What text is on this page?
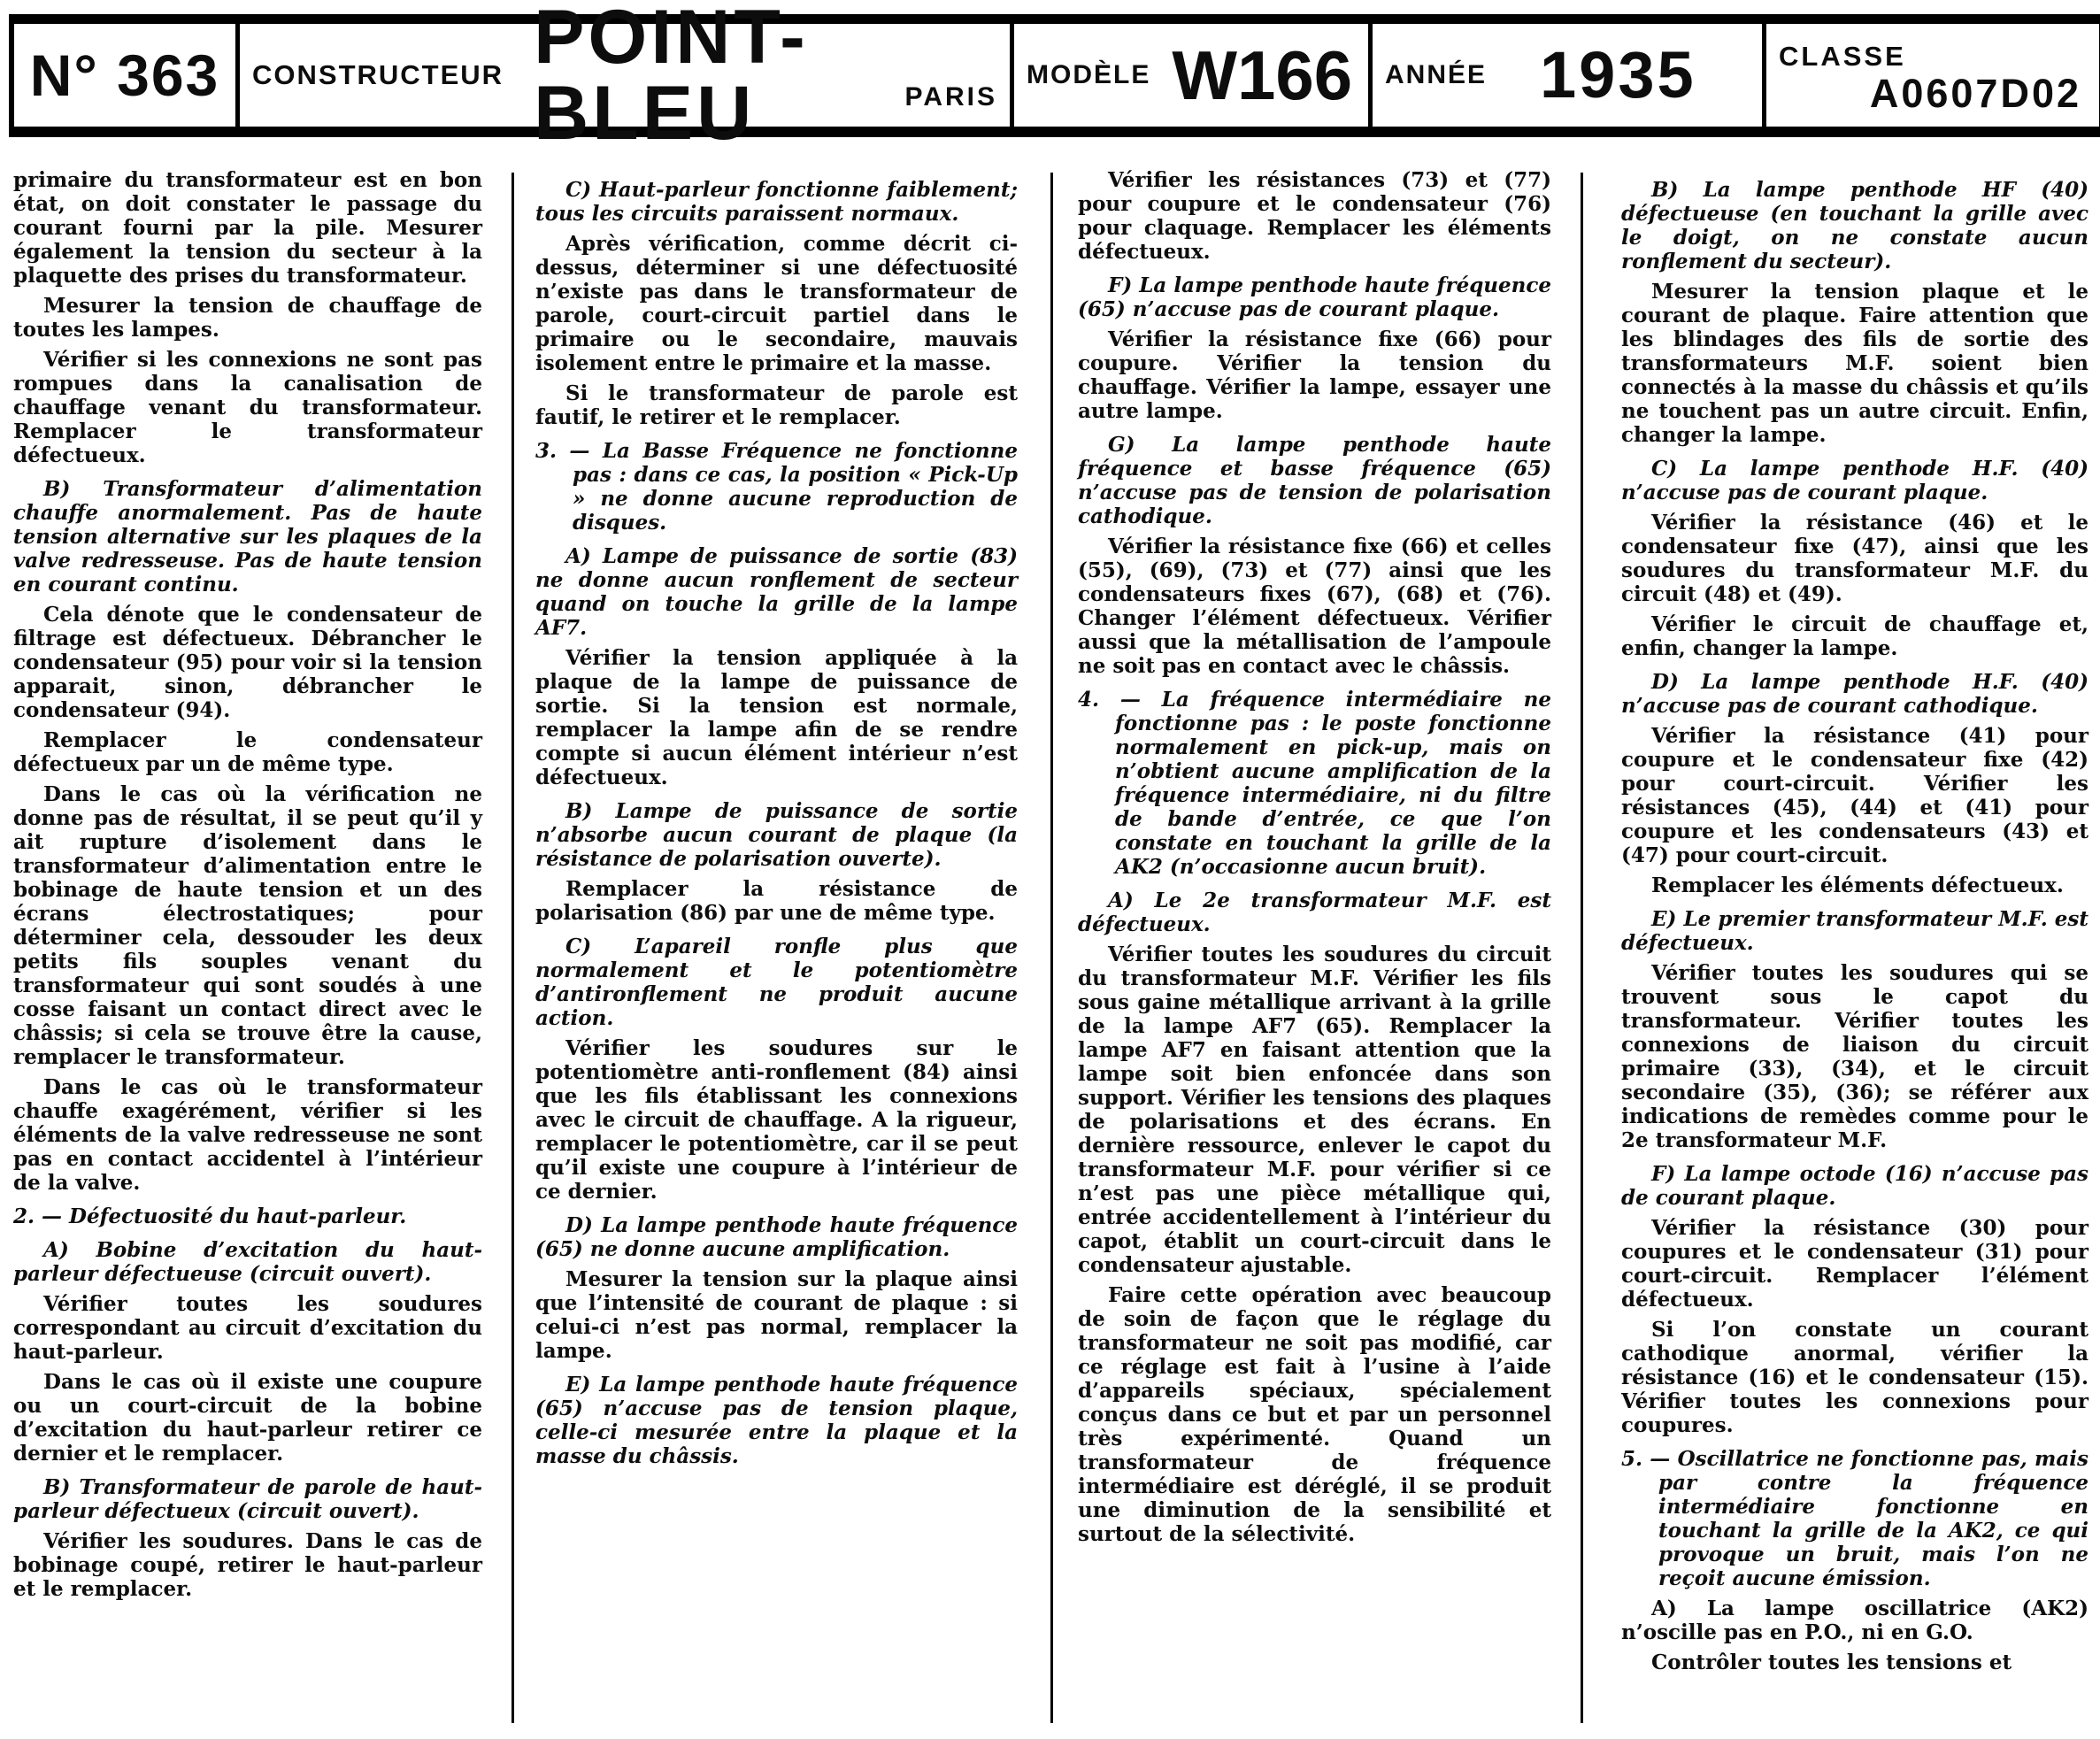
N° 363 CONSTRUCTEUR POINT-BLEU	PARIS
MODÈLE W166 ANNÉE 1935	CLASSE
A0607D02

primaire du transformateur est en bon état, on doit constater le passage du courant fourni par la pile. Mesurer également la tension du secteur à la plaquette des prises du transformateur.

Mesurer la tension de chauffage de toutes les lampes.

Vérifier si les connexions ne sont pas rompues dans la canalisation de chauffage venant du transformateur. Remplacer le transformateur défectueux.

B) Transformateur d’alimentation chauffe anormalement. Pas de haute tension alternative sur les plaques de la valve redresseuse. Pas de haute tension en courant continu.

Cela dénote que le condensateur de filtrage est défectueux. Débrancher le condensateur (95) pour voir si la tension apparait, sinon, débrancher le condensateur (94).

Remplacer le condensateur défectueux par un de même type.

Dans le cas où la vérification ne donne pas de résultat, il se peut qu’il y ait rupture d’isolement dans le transformateur d’alimentation entre le bobinage de haute tension et un des écrans électrostatiques; pour déterminer cela, dessouder les deux petits fils souples venant du transformateur qui sont soudés à une cosse faisant un contact direct avec le châssis; si cela se trouve être la cause, remplacer le transformateur.

Dans le cas où le transformateur chauffe exagérément, vérifier si les éléments de la valve redresseuse ne sont pas en contact accidentel à l’intérieur de la valve.

2. — Défectuosité du haut-parleur.

A) Bobine d’excitation du haut-parleur défectueuse (circuit ouvert).

Vérifier toutes les soudures correspondant au circuit d’excitation du haut-parleur.

Dans le cas où il existe une coupure ou un court-circuit de la bobine d’excitation du haut-parleur retirer ce dernier et le remplacer.

B) Transformateur de parole de haut-parleur défectueux (circuit ouvert).

Vérifier les soudures. Dans le cas de bobinage coupé, retirer le haut-parleur et le remplacer.

C) Haut-parleur fonctionne faiblement; tous les circuits paraissent normaux.

Après vérification, comme décrit ci-dessus, déterminer si une défectuosité n’existe pas dans le transformateur de parole, court-circuit partiel dans le primaire ou le secondaire, mauvais isolement entre le primaire et la masse.

Si le transformateur de parole est fautif, le retirer et le remplacer.

3. — La Basse Fréquence ne fonctionne pas : dans ce cas, la position « Pick-Up » ne donne aucune reproduction de disques.

A) Lampe de puissance de sortie (83) ne donne aucun ronflement de secteur quand on touche la grille de la lampe AF7.

Vérifier la tension appliquée à la plaque de la lampe de puissance de sortie. Si la tension est normale, remplacer la lampe afin de se rendre compte si aucun élément intérieur n’est défectueux.

B) Lampe de puissance de sortie n’absorbe aucun courant de plaque (la résistance de polarisation ouverte).

Remplacer la résistance de polarisation (86) par une de même type.

C) L’apareil ronfle plus que normalement et le potentiomètre d’antironflement ne produit aucune action.

Vérifier les soudures sur le potentiomètre anti-ronflement (84) ainsi que les fils établissant les connexions avec le circuit de chauffage. A la rigueur, remplacer le potentiomètre, car il se peut qu’il existe une coupure à l’intérieur de ce dernier.

D) La lampe penthode haute fréquence (65) ne donne aucune amplification.

Mesurer la tension sur la plaque ainsi que l’intensité de courant de plaque : si celui-ci n’est pas normal, remplacer la lampe.

E) La lampe penthode haute fréquence (65) n’accuse pas de tension plaque, celle-ci mesurée entre la plaque et la masse du châssis.

Vérifier les résistances (73) et (77) pour coupure et le condensateur (76) pour claquage. Remplacer les éléments défectueux.

F) La lampe penthode haute fréquence (65) n’accuse pas de courant plaque.

Vérifier la résistance fixe (66) pour coupure. Vérifier la tension du chauffage. Vérifier la lampe, essayer une autre lampe.

G) La lampe penthode haute fréquence et basse fréquence (65) n’accuse pas de tension de polarisation cathodique.

Vérifier la résistance fixe (66) et celles (55), (69), (73) et (77) ainsi que les condensateurs fixes (67), (68) et (76). Changer l’élément défectueux. Vérifier aussi que la métallisation de l’ampoule ne soit pas en contact avec le châssis.

4. — La fréquence intermédiaire ne fonctionne pas : le poste fonctionne normalement en pick-up, mais on n’obtient aucune amplification de la fréquence intermédiaire, ni du filtre de bande d’entrée, ce que l’on constate en touchant la grille de la AK2 (n’occasionne aucun bruit).

A) Le 2e transformateur M.F. est défectueux.

Vérifier toutes les soudures du circuit du transformateur M.F. Vérifier les fils sous gaine métallique arrivant à la grille de la lampe AF7 (65). Remplacer la lampe AF7 en faisant attention que la lampe soit bien enfoncée dans son support. Vérifier les tensions des plaques de polarisations et des écrans. En dernière ressource, enlever le capot du transformateur M.F. pour vérifier si ce n’est pas une pièce métallique qui, entrée accidentellement à l’intérieur du capot, établit un court-circuit dans le condensateur ajustable.

Faire cette opération avec beaucoup de soin de façon que le réglage du transformateur ne soit pas modifié, car ce réglage est fait à l’usine à l’aide d’appareils spéciaux, spécialement conçus dans ce but et par un personnel très expérimenté. Quand un transformateur de fréquence intermédiaire est déréglé, il se produit une diminution de la sensibilité et surtout de la sélectivité.

B) La lampe penthode HF (40) défectueuse (en touchant la grille avec le doigt, on ne constate aucun ronflement du secteur).

Mesurer la tension plaque et le courant de plaque. Faire attention que les blindages des fils de sortie des transformateurs M.F. soient bien connectés à la masse du châssis et qu’ils ne touchent pas un autre circuit. Enfin, changer la lampe.

C) La lampe penthode H.F. (40) n’accuse pas de courant plaque.

Vérifier la résistance (46) et le condensateur fixe (47), ainsi que les soudures du transformateur M.F. du circuit (48) et (49).

Vérifier le circuit de chauffage et, enfin, changer la lampe.

D) La lampe penthode H.F. (40) n’accuse pas de courant cathodique.

Vérifier la résistance (41) pour coupure et le condensateur fixe (42) pour court-circuit. Vérifier les résistances (45), (44) et (41) pour coupure et les condensateurs (43) et (47) pour court-circuit.

Remplacer les éléments défectueux.

E) Le premier transformateur M.F. est défectueux.

Vérifier toutes les soudures qui se trouvent sous le capot du transformateur. Vérifier toutes les connexions de liaison du circuit primaire (33), (34), et le circuit secondaire (35), (36); se référer aux indications de remèdes comme pour le 2e transformateur M.F.

F) La lampe octode (16) n’accuse pas de courant plaque.

Vérifier la résistance (30) pour coupures et le condensateur (31) pour court-circuit. Remplacer l’élément défectueux.

Si l’on constate un courant cathodique anormal, vérifier la résistance (16) et le condensateur (15). Vérifier toutes les connexions pour coupures.

5. — Oscillatrice ne fonctionne pas, mais par contre la fréquence intermédiaire fonctionne en touchant la grille de la AK2, ce qui provoque un bruit, mais l’on ne reçoit aucune émission.

A) La lampe oscillatrice (AK2) n’oscille pas en P.O., ni en G.O.

Contrôler toutes les tensions et
